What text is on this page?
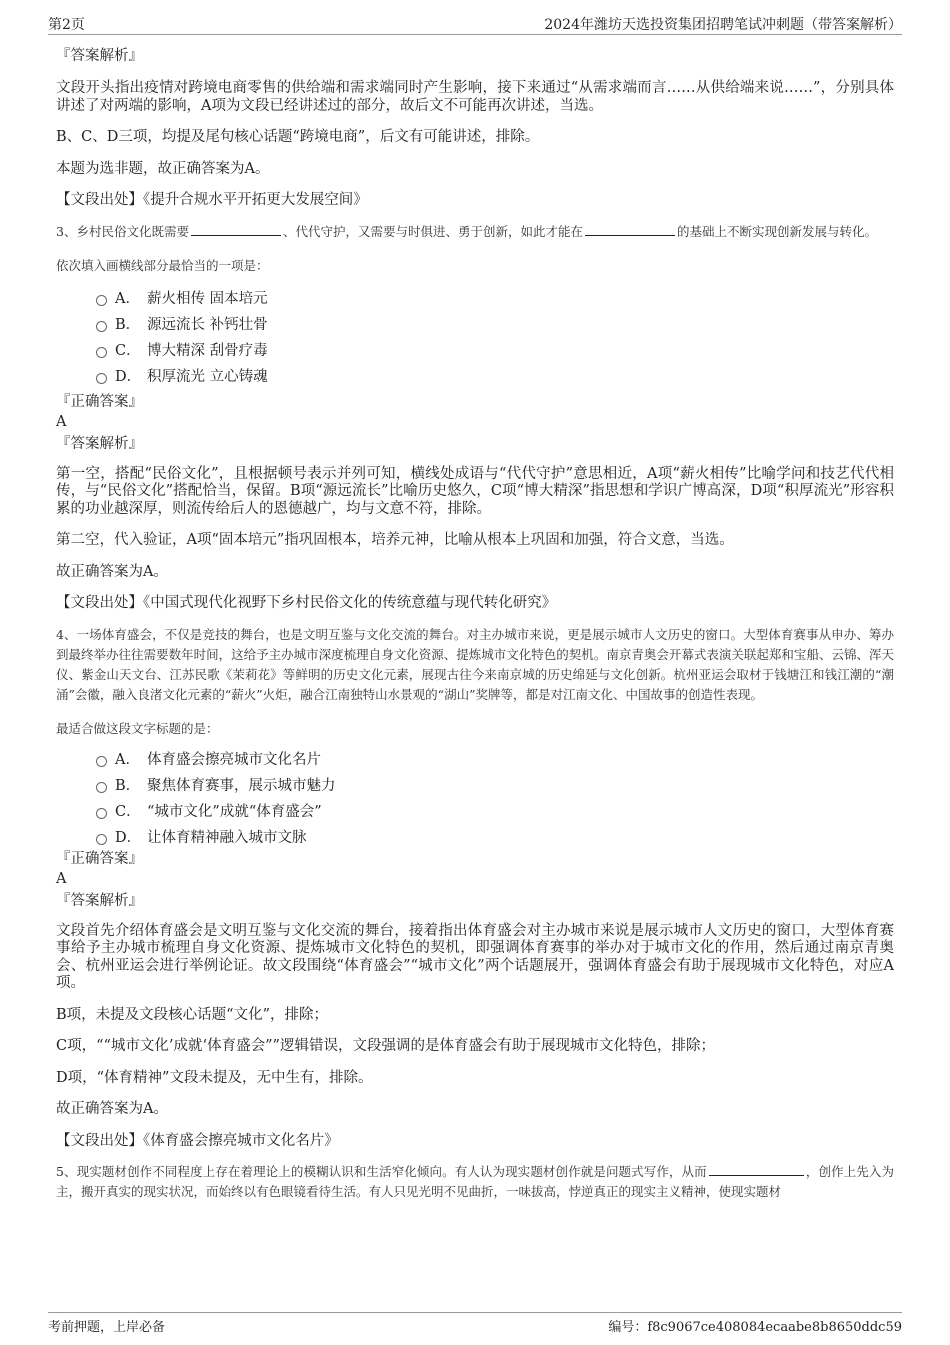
第2页	2024年潍坊天选投资集团招聘笔试冲刺题（带答案解析）

『答案解析』

文段开头指出疫情对跨境电商零售的供给端和需求端同时产生影响，接下来通过“从需求端而言……从供给端来说……”，分别具体讲述了对两端的影响，A项为文段已经讲述过的部分，故后文不可能再次讲述，当选。

B、C、D三项，均提及尾句核心话题“跨境电商”，后文有可能讲述，排除。

本题为选非题，故正确答案为A。

【文段出处】《提升合规水平开拓更大发展空间》

3、乡村民俗文化既需要	、代代守护，又需要与时俱进、勇于创新，如此才能在	的基础上不断实现创新发展与转化。

依次填入画横线部分最恰当的一项是：

A． 薪火相传 固本培元
B． 源远流长 补钙壮骨
C． 博大精深 刮骨疗毒
D． 积厚流光 立心铸魂

『正确答案』

A

『答案解析』

第一空，搭配“民俗文化”，且根据顿号表示并列可知，横线处成语与“代代守护”意思相近，A项“薪火相传”比喻学问和技艺代代相传，与“民俗文化”搭配恰当，保留。B项“源远流长”比喻历史悠久，C项“博大精深”指思想和学识广博高深，D项“积厚流光”形容积累的功业越深厚，则流传给后人的恩德越广，均与文意不符，排除。

第二空，代入验证，A项“固本培元”指巩固根本，培养元神，比喻从根本上巩固和加强，符合文意，当选。

故正确答案为A。

【文段出处】《中国式现代化视野下乡村民俗文化的传统意蕴与现代转化研究》

4、一场体育盛会，不仅是竞技的舞台，也是文明互鉴与文化交流的舞台。对主办城市来说，更是展示城市人文历史的窗口。大型体育赛事从申办、筹办到最终举办往往需要数年时间，这给予主办城市深度梳理自身文化资源、提炼城市文化特色的契机。南京青奥会开幕式表演关联起郑和宝船、云锦、浑天仪、紫金山天文台、江苏民歌《茉莉花》等鲜明的历史文化元素，展现古往今来南京城的历史绵延与文化创新。杭州亚运会取材于钱塘江和钱江潮的“潮涌”会徽，融入良渚文化元素的“薪火”火炬，融合江南独特山水景观的“湖山”奖牌等，都是对江南文化、中国故事的创造性表现。

最适合做这段文字标题的是：

A． 体育盛会擦亮城市文化名片
B． 聚焦体育赛事，展示城市魅力
C． “城市文化”成就“体育盛会”
D． 让体育精神融入城市文脉

『正确答案』

A

『答案解析』

文段首先介绍体育盛会是文明互鉴与文化交流的舞台，接着指出体育盛会对主办城市来说是展示城市人文历史的窗口，大型体育赛事给予主办城市梳理自身文化资源、提炼城市文化特色的契机，即强调体育赛事的举办对于城市文化的作用，然后通过南京青奥会、杭州亚运会进行举例论证。故文段围绕“体育盛会”“城市文化”两个话题展开，强调体育盛会有助于展现城市文化特色，对应A项。

B项，未提及文段核心话题“文化”，排除；

C项，““城市文化’成就‘体育盛会””逻辑错误，文段强调的是体育盛会有助于展现城市文化特色，排除；

D项，“体育精神”文段未提及，无中生有，排除。

故正确答案为A。

【文段出处】《体育盛会擦亮城市文化名片》

5、现实题材创作不同程度上存在着理论上的模糊认识和生活窄化倾向。有人认为现实题材创作就是问题式写作，从而	，创作上先入为主，搬开真实的现实状况，而始终以有色眼镜看待生活。有人只见光明不见曲折，一味拔高，悖逆真正的现实主义精神，使现实题材

考前押题，上岸必备	编号：f8c9067ce408084ecaabe8b8650ddc59
